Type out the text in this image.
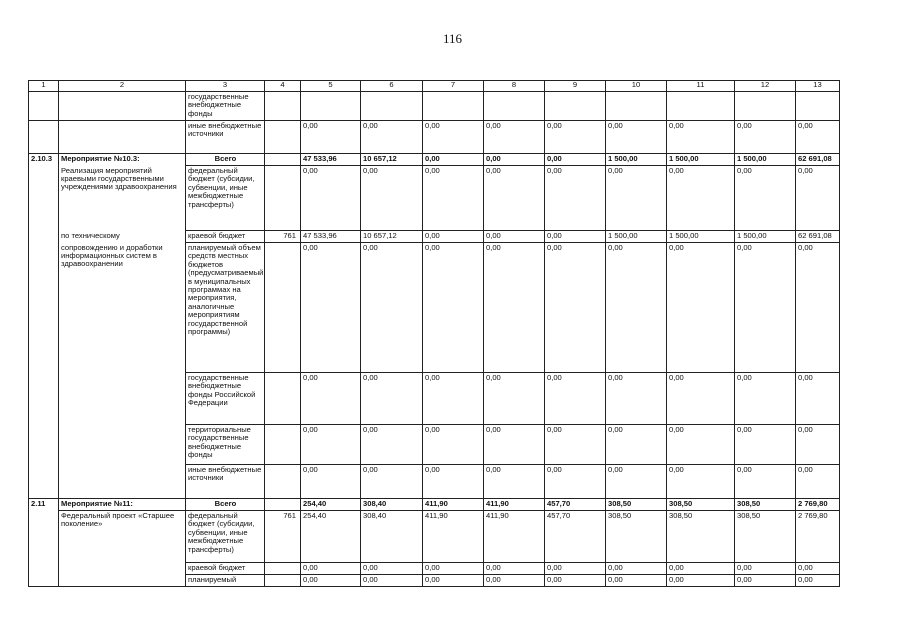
116
1	2	3	4	5	6	7	8	9	10	11	12	13
		государственные внебюджетные фонды										
		иные внебюджетные источники		0,00	0,00	0,00	0,00	0,00	0,00	0,00	0,00	0,00
2.10.3	Мероприятие №10.3:	Всего		47 533,96	10 657,12	0,00	0,00	0,00	1 500,00	1 500,00	1 500,00	62 691,08
	Реализация мероприятий краевыми государственными учреждениями здравоохранения	федеральный бюджет (субсидии, субвенции, иные межбюджетные трансферты)		0,00	0,00	0,00	0,00	0,00	0,00	0,00	0,00	0,00
	по техническому	краевой бюджет	761	47 533,96	10 657,12	0,00	0,00	0,00	1 500,00	1 500,00	1 500,00	62 691,08
	сопровождению и доработки информационных систем в здравоохранении	планируемый объем средств местных бюджетов (предусматриваемый в муниципальных программах на мероприятия, аналогичные мероприятиям государственной программы)		0,00	0,00	0,00	0,00	0,00	0,00	0,00	0,00	0,00
		государственные внебюджетные фонды Российской Федерации		0,00	0,00	0,00	0,00	0,00	0,00	0,00	0,00	0,00
		территориальные государственные внебюджетные фонды		0,00	0,00	0,00	0,00	0,00	0,00	0,00	0,00	0,00
		иные внебюджетные источники		0,00	0,00	0,00	0,00	0,00	0,00	0,00	0,00	0,00
2.11	Мероприятие №11:	Всего		254,40	308,40	411,90	411,90	457,70	308,50	308,50	308,50	2 769,80
	Федеральный проект «Старшее поколение»	федеральный бюджет (субсидии, субвенции, иные межбюджетные трансферты)	761	254,40	308,40	411,90	411,90	457,70	308,50	308,50	308,50	2 769,80
		краевой бюджет		0,00	0,00	0,00	0,00	0,00	0,00	0,00	0,00	0,00
		планируемый		0,00	0,00	0,00	0,00	0,00	0,00	0,00	0,00	0,00
